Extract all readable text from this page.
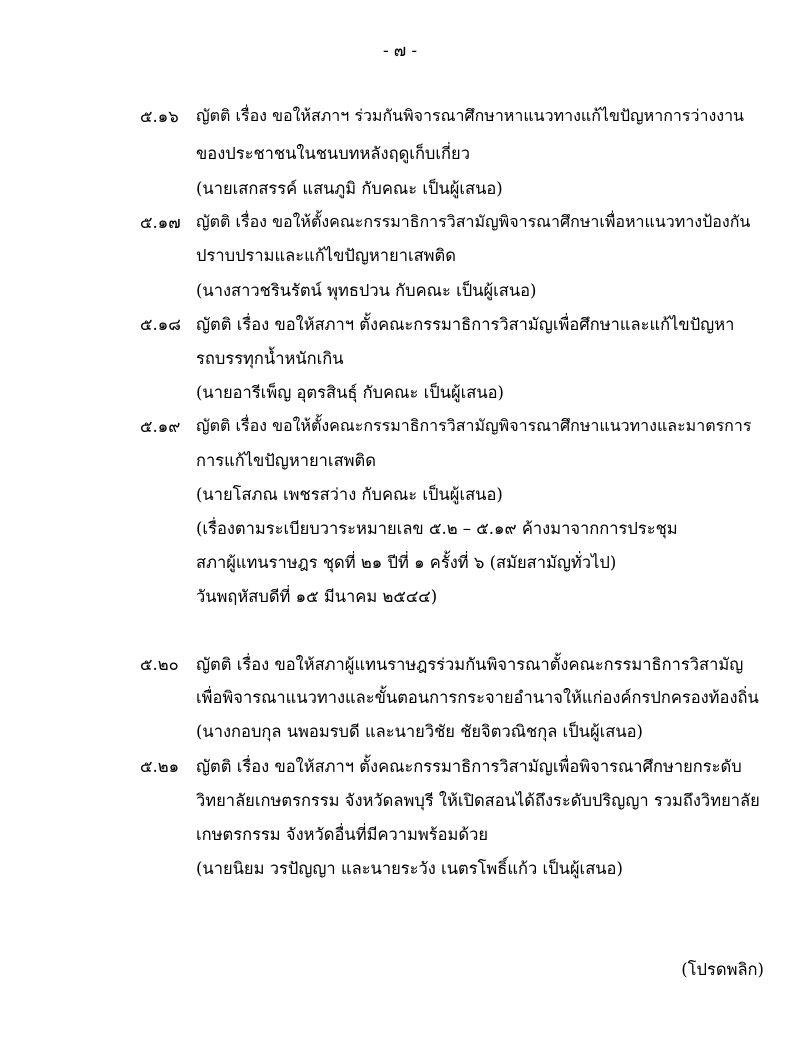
- ๗ -
๕.๑๖ ญัตติ เรื่อง ขอให้สภาฯ ร่วมกันพิจารณาศึกษาหาแนวทางแก้ไขปัญหาการว่างงาน
ของประชาชนในชนบทหลังฤดูเก็บเกี่ยว
(นายเสกสรรค์ แสนภูมิ กับคณะ เป็นผู้เสนอ)
๕.๑๗ ญัตติ เรื่อง ขอให้ตั้งคณะกรรมาธิการวิสามัญพิจารณาศึกษาเพื่อหาแนวทางป้องกัน
ปราบปรามและแก้ไขปัญหายาเสพติด
(นางสาวชรินรัตน์ พุทธปวน กับคณะ เป็นผู้เสนอ)
๕.๑๘ ญัตติ เรื่อง ขอให้สภาฯ ตั้งคณะกรรมาธิการวิสามัญเพื่อศึกษาและแก้ไขปัญหา
รถบรรทุกน้ำหนักเกิน
(นายอารีเพ็ญ อุตรสินธุ์ กับคณะ เป็นผู้เสนอ)
๕.๑๙ ญัตติ เรื่อง ขอให้ตั้งคณะกรรมาธิการวิสามัญพิจารณาศึกษาแนวทางและมาตรการ
การแก้ไขปัญหายาเสพติด
(นายโสภณ เพชรสว่าง กับคณะ เป็นผู้เสนอ)
(เรื่องตามระเบียบวาระหมายเลข ๕.๒ – ๕.๑๙ ค้างมาจากการประชุม
สภาผู้แทนราษฎร ชุดที่ ๒๑ ปีที่ ๑ ครั้งที่ ๖ (สมัยสามัญทั่วไป)
วันพฤหัสบดีที่ ๑๕ มีนาคม ๒๕๔๔)
๕.๒๐ ญัตติ เรื่อง ขอให้สภาผู้แทนราษฎรร่วมกันพิจารณาตั้งคณะกรรมาธิการวิสามัญ
เพื่อพิจารณาแนวทางและขั้นตอนการกระจายอำนาจให้แก่องค์กรปกครองท้องถิ่น
(นางกอบกุล นพอมรบดี และนายวิชัย ชัยจิตวณิชกุล เป็นผู้เสนอ)
๕.๒๑ ญัตติ เรื่อง ขอให้สภาฯ ตั้งคณะกรรมาธิการวิสามัญเพื่อพิจารณาศึกษายกระดับ
วิทยาลัยเกษตรกรรม จังหวัดลพบุรี ให้เปิดสอนได้ถึงระดับปริญญา รวมถึงวิทยาลัย
เกษตรกรรม จังหวัดอื่นที่มีความพร้อมด้วย
(นายนิยม วรปัญญา และนายระวัง เนตรโพธิ์แก้ว เป็นผู้เสนอ)
(โปรดพลิก)
